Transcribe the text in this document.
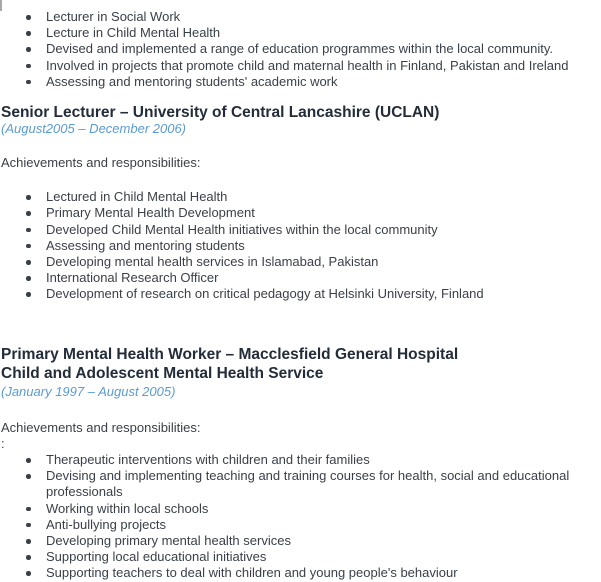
Lecturer in Social Work
Lecture in Child Mental Health
Devised and implemented a range of education programmes within the local community.
Involved in projects that promote child and maternal health in Finland, Pakistan and Ireland
Assessing and mentoring students' academic work
Senior Lecturer – University of Central Lancashire (UCLAN)
(August2005 – December 2006)
Achievements and responsibilities:
Lectured in Child Mental Health
Primary Mental Health Development
Developed Child Mental Health initiatives within the local community
Assessing and mentoring students
Developing mental health services in Islamabad, Pakistan
International Research Officer
Development of research on critical pedagogy at Helsinki University, Finland
Primary Mental Health Worker – Macclesfield General Hospital
Child and Adolescent Mental Health Service
(January 1997 – August 2005)
Achievements and responsibilities:
:
Therapeutic interventions with children and their families
Devising and implementing teaching and training courses for health, social and educational professionals
Working within local schools
Anti-bullying projects
Developing primary mental health services
Supporting local educational initiatives
Supporting teachers to deal with children and young people's behaviour
